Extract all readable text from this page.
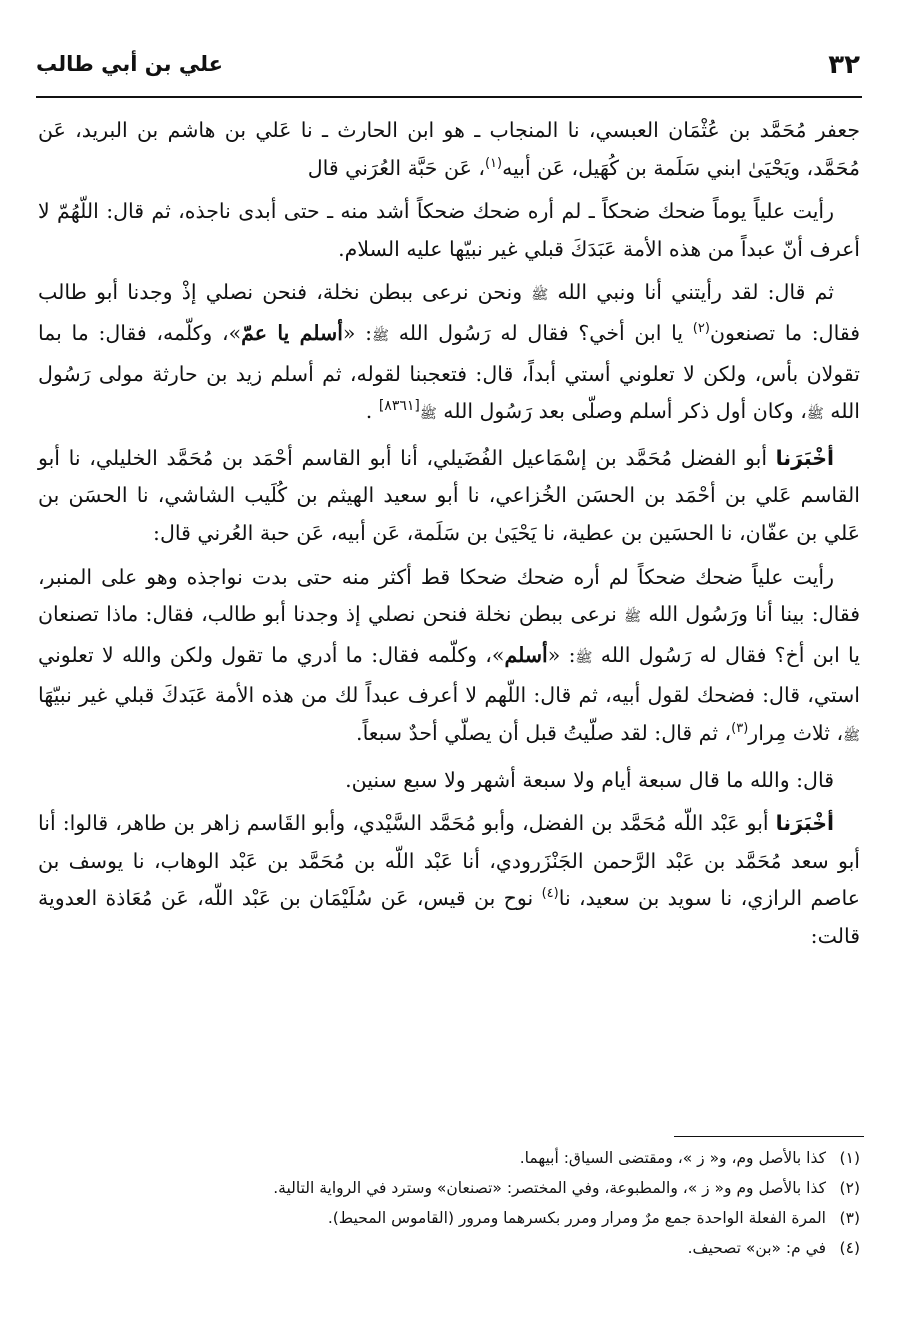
٣٢
علي بن أبي طالب

جعفر مُحَمَّد بن عُثْمَان العبسي، نا المنجاب ـ هو ابن الحارث ـ نا عَلي بن هاشم بن البريد، عَن مُحَمَّد، ويَحْيَىٰ ابني سَلَمة بن كُهَيل، عَن أبيه$^{(١)}$، عَن حَبَّة العُرَني قال

رأيت علياً يوماً ضحك ضحكاً ـ لم أره ضحك ضحكاً أشد منه ـ حتى أبدى ناجذه، ثم قال: اللّهُمّ لا أعرف أنّ عبداً من هذه الأمة عَبَدَكَ قبلي غير نبيّها عليه السلام.

ثم قال: لقد رأيتني أنا ونبي الله ﷺ ونحن نرعى ببطن نخلة، فنحن نصلي إذْ وجدنا أبو طالب فقال: ما تصنعون$^{(٢)}$ يا ابن أخي؟ فقال له رَسُول الله ﷺ: «أسلم يا عمّ»، وكلّمه، فقال: ما بما تقولان بأس، ولكن لا تعلوني أستي أبداً، قال: فتعجبنا لقوله، ثم أسلم زيد بن حارثة مولى رَسُول الله ﷺ، وكان أول ذكر أسلم وصلّى بعد رَسُول الله ﷺ[٨٣٦١] .

أخْبَرَنا أبو الفضل مُحَمَّد بن إسْمَاعيل الفُضَيلي، أنا أبو القاسم أحْمَد بن مُحَمَّد الخليلي، نا أبو القاسم عَلي بن أحْمَد بن الحسَن الخُزاعي، نا أبو سعيد الهيثم بن كُلَيب الشاشي، نا الحسَن بن عَلي بن عفّان، نا الحسَين بن عطية، نا يَحْيَىٰ بن سَلَمة، عَن أبيه، عَن حبة العُرني قال:

رأيت علياً ضحك ضحكاً لم أره ضحك ضحكا قط أكثر منه حتى بدت نواجذه وهو على المنبر، فقال: بينا أنا ورَسُول الله ﷺ نرعى ببطن نخلة فنحن نصلي إذ وجدنا أبو طالب، فقال: ماذا تصنعان يا ابن أخ؟ فقال له رَسُول الله ﷺ: «أسلم»، وكلّمه فقال: ما أدري ما تقول ولكن والله لا تعلوني استي، قال: فضحك لقول أبيه، ثم قال: اللّهم لا أعرف عبداً لك من هذه الأمة عَبَدكَ قبلي غير نبيّهَا ﷺ، ثلاث مِرار$^{(٣)}$، ثم قال: لقد صلّيتُ قبل أن يصلّي أحدٌ سبعاً.

قال: والله ما قال سبعة أيام ولا سبعة أشهر ولا سبع سنين.

أخْبَرَنا أبو عَبْد اللّه مُحَمَّد بن الفضل، وأبو مُحَمَّد السَّيْدي، وأبو القَاسم زاهر بن طاهر، قالوا: أنا أبو سعد مُحَمَّد بن عَبْد الرَّحمن الجَنْزَرودي، أنا عَبْد اللّه بن مُحَمَّد بن عَبْد الوهاب، نا يوسف بن عاصم الرازي، نا سويد بن سعيد، نا$^{(٤)}$ نوح بن قيس، عَن سُلَيْمَان بن عَبْد اللّه، عَن مُعَاذة العدوية قالت:

(١)
كذا بالأصل وم، و« ز »، ومقتضى السياق: أبيهما.
(٢)
كذا بالأصل وم و« ز »، والمطبوعة، وفي المختصر: «تصنعان» وسترد في الرواية التالية.
(٣)
المرة الفعلة الواحدة جمع مرٌ ومرار ومرر بكسرهما ومرور (القاموس المحيط).
(٤)
في م: «بن» تصحيف.
